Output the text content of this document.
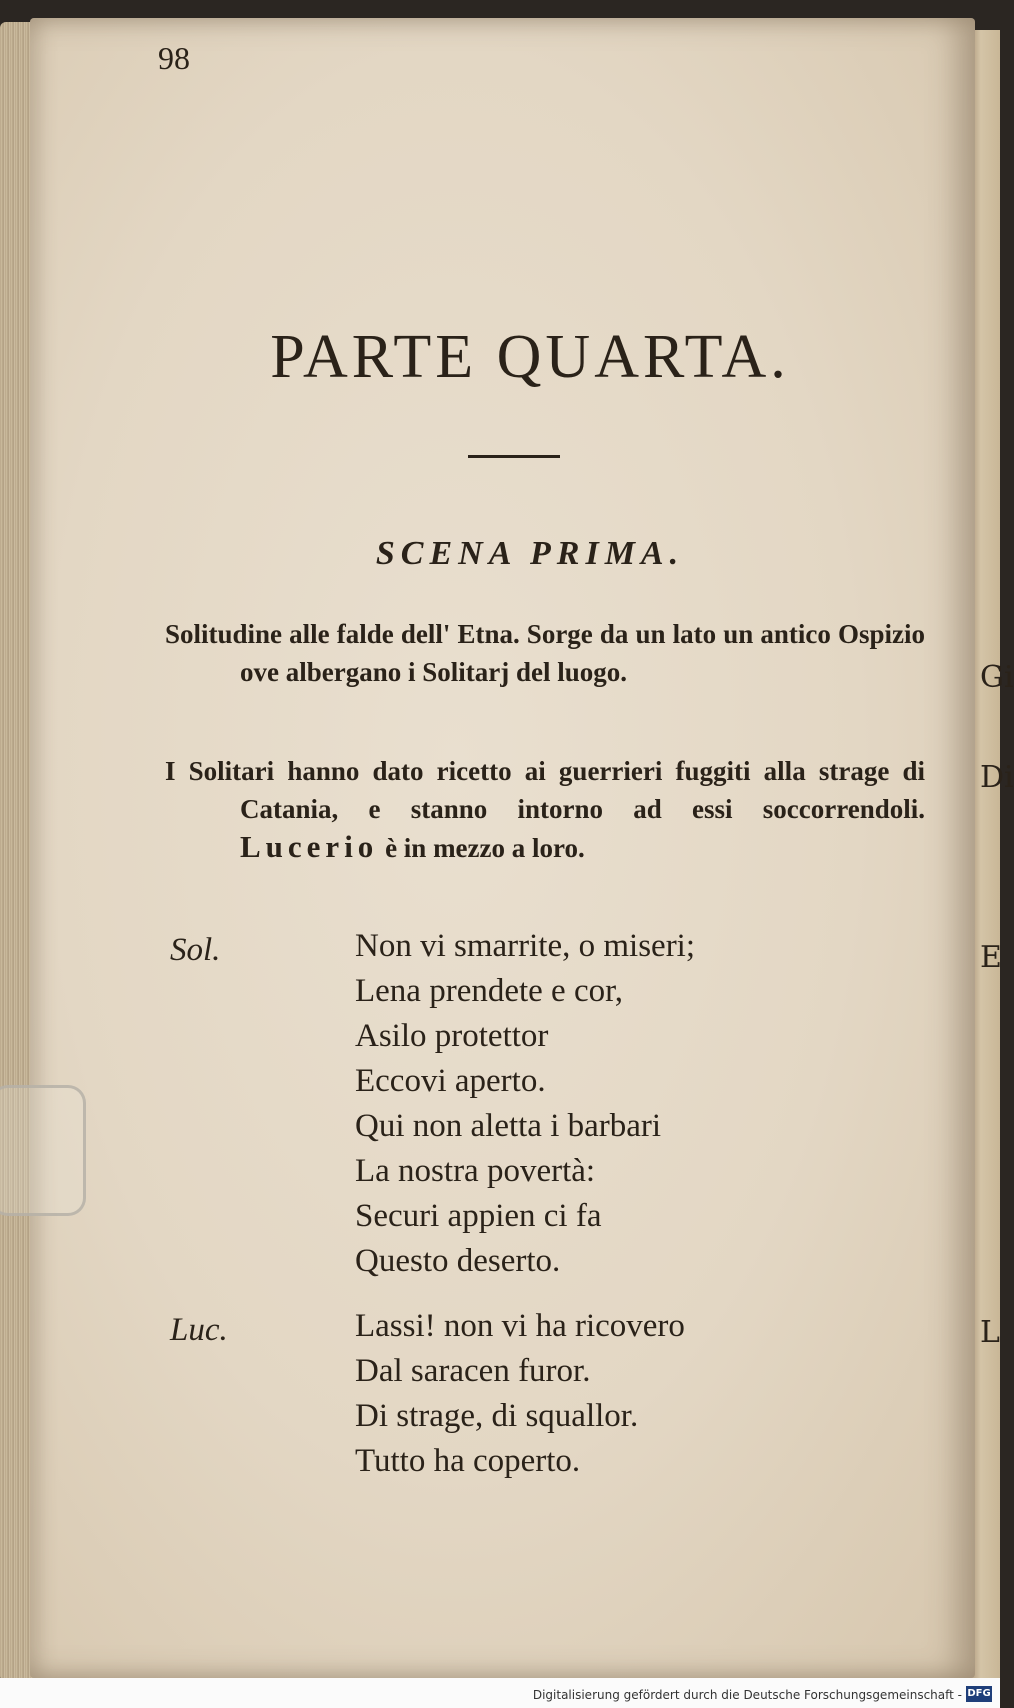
Gi
Di
E
L
98
PARTE QUARTA.
SCENA PRIMA.
Solitudine alle falde dell' Etna. Sorge da un lato un antico Ospizio ove albergano i Solitarj del luogo.
I Solitari hanno dato ricetto ai guerrieri fuggiti alla strage di Catania, e stanno intorno ad essi soccorrendoli. Lucerio è in mezzo a loro.
Sol.	Non vi smarrite, o miseri;
Lena prendete e cor,
Asilo protettor
Eccovi aperto.
Qui non aletta i barbari
La nostra povertà:
Securi appien ci fa
Questo deserto.
Luc.	Lassi! non vi ha ricovero
Dal saracen furor.
Di strage, di squallor.
Tutto ha coperto.
Digitalisierung gefördert durch die Deutsche Forschungsgemeinschaft - DFG
